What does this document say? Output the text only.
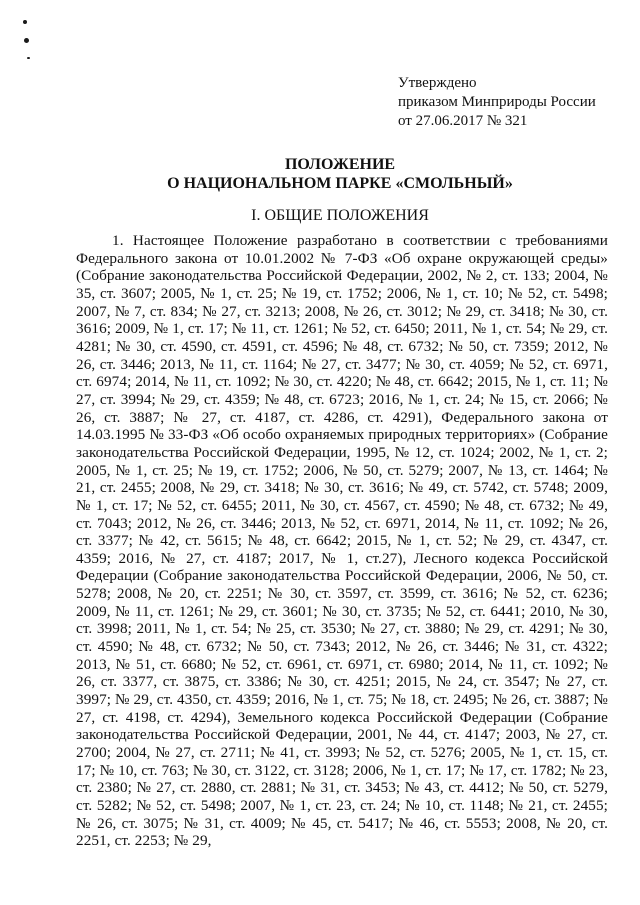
Утверждено
приказом Минприроды России
от 27.06.2017 № 321
ПОЛОЖЕНИЕ
О НАЦИОНАЛЬНОМ ПАРКЕ «СМОЛЬНЫЙ»
I. ОБЩИЕ ПОЛОЖЕНИЯ

1. Настоящее Положение разработано в соответствии с требованиями Федерального закона от 10.01.2002 № 7-ФЗ «Об охране окружающей среды» (Собрание законодательства Российской Федерации, 2002, № 2, ст. 133; 2004, № 35, ст. 3607; 2005, № 1, ст. 25; № 19, ст. 1752; 2006, № 1, ст. 10; № 52, ст. 5498; 2007, № 7, ст. 834; № 27, ст. 3213; 2008, № 26, ст. 3012; № 29, ст. 3418; № 30, ст. 3616; 2009, № 1, ст. 17; № 11, ст. 1261; № 52, ст. 6450; 2011, № 1, ст. 54; № 29, ст. 4281; № 30, ст. 4590, ст. 4591, ст. 4596; № 48, ст. 6732; № 50, ст. 7359; 2012, № 26, ст. 3446; 2013, № 11, ст. 1164; № 27, ст. 3477; № 30, ст. 4059; № 52, ст. 6971, ст. 6974; 2014, № 11, ст. 1092; № 30, ст. 4220; № 48, ст. 6642; 2015, № 1, ст. 11; № 27, ст. 3994; № 29, ст. 4359; № 48, ст. 6723; 2016, № 1, ст. 24; № 15, ст. 2066; № 26, ст. 3887; № 27, ст. 4187, ст. 4286, ст. 4291), Федерального закона от 14.03.1995 № 33-ФЗ «Об особо охраняемых природных территориях» (Собрание законодательства Российской Федерации, 1995, № 12, ст. 1024; 2002, № 1, ст. 2; 2005, № 1, ст. 25; № 19, ст. 1752; 2006, № 50, ст. 5279; 2007, № 13, ст. 1464; № 21, ст. 2455; 2008, № 29, ст. 3418; № 30, ст. 3616; № 49, ст. 5742, ст. 5748; 2009, № 1, ст. 17; № 52, ст. 6455; 2011, № 30, ст. 4567, ст. 4590; № 48, ст. 6732; № 49, ст. 7043; 2012, № 26, ст. 3446; 2013, № 52, ст. 6971, 2014, № 11, ст. 1092; № 26, ст. 3377; № 42, ст. 5615; № 48, ст. 6642; 2015, № 1, ст. 52; № 29, ст. 4347, ст. 4359; 2016, № 27, ст. 4187; 2017, № 1, ст.27), Лесного кодекса Российской Федерации (Собрание законодательства Российской Федерации, 2006, № 50, ст. 5278; 2008, № 20, ст. 2251; № 30, ст. 3597, ст. 3599, ст. 3616; № 52, ст. 6236; 2009, № 11, ст. 1261; № 29, ст. 3601; № 30, ст. 3735; № 52, ст. 6441; 2010, № 30, ст. 3998; 2011, № 1, ст. 54; № 25, ст. 3530; № 27, ст. 3880; № 29, ст. 4291; № 30, ст. 4590; № 48, ст. 6732; № 50, ст. 7343; 2012, № 26, ст. 3446; № 31, ст. 4322; 2013, № 51, ст. 6680; № 52, ст. 6961, ст. 6971, ст. 6980; 2014, № 11, ст. 1092; № 26, ст. 3377, ст. 3875, ст. 3386; № 30, ст. 4251; 2015, № 24, ст. 3547; № 27, ст. 3997; № 29, ст. 4350, ст. 4359; 2016, № 1, ст. 75; № 18, ст. 2495; № 26, ст. 3887; № 27, ст. 4198, ст. 4294), Земельного кодекса Российской Федерации (Собрание законодательства Российской Федерации, 2001, № 44, ст. 4147; 2003, № 27, ст. 2700; 2004, № 27, ст. 2711; № 41, ст. 3993; № 52, ст. 5276; 2005, № 1, ст. 15, ст. 17; № 10, ст. 763; № 30, ст. 3122, ст. 3128; 2006, № 1, ст. 17; № 17, ст. 1782; № 23, ст. 2380; № 27, ст. 2880, ст. 2881; № 31, ст. 3453; № 43, ст. 4412; № 50, ст. 5279, ст. 5282; № 52, ст. 5498; 2007, № 1, ст. 23, ст. 24; № 10, ст. 1148; № 21, ст. 2455; № 26, ст. 3075; № 31, ст. 4009; № 45, ст. 5417; № 46, ст. 5553; 2008, № 20, ст. 2251, ст. 2253; № 29,
